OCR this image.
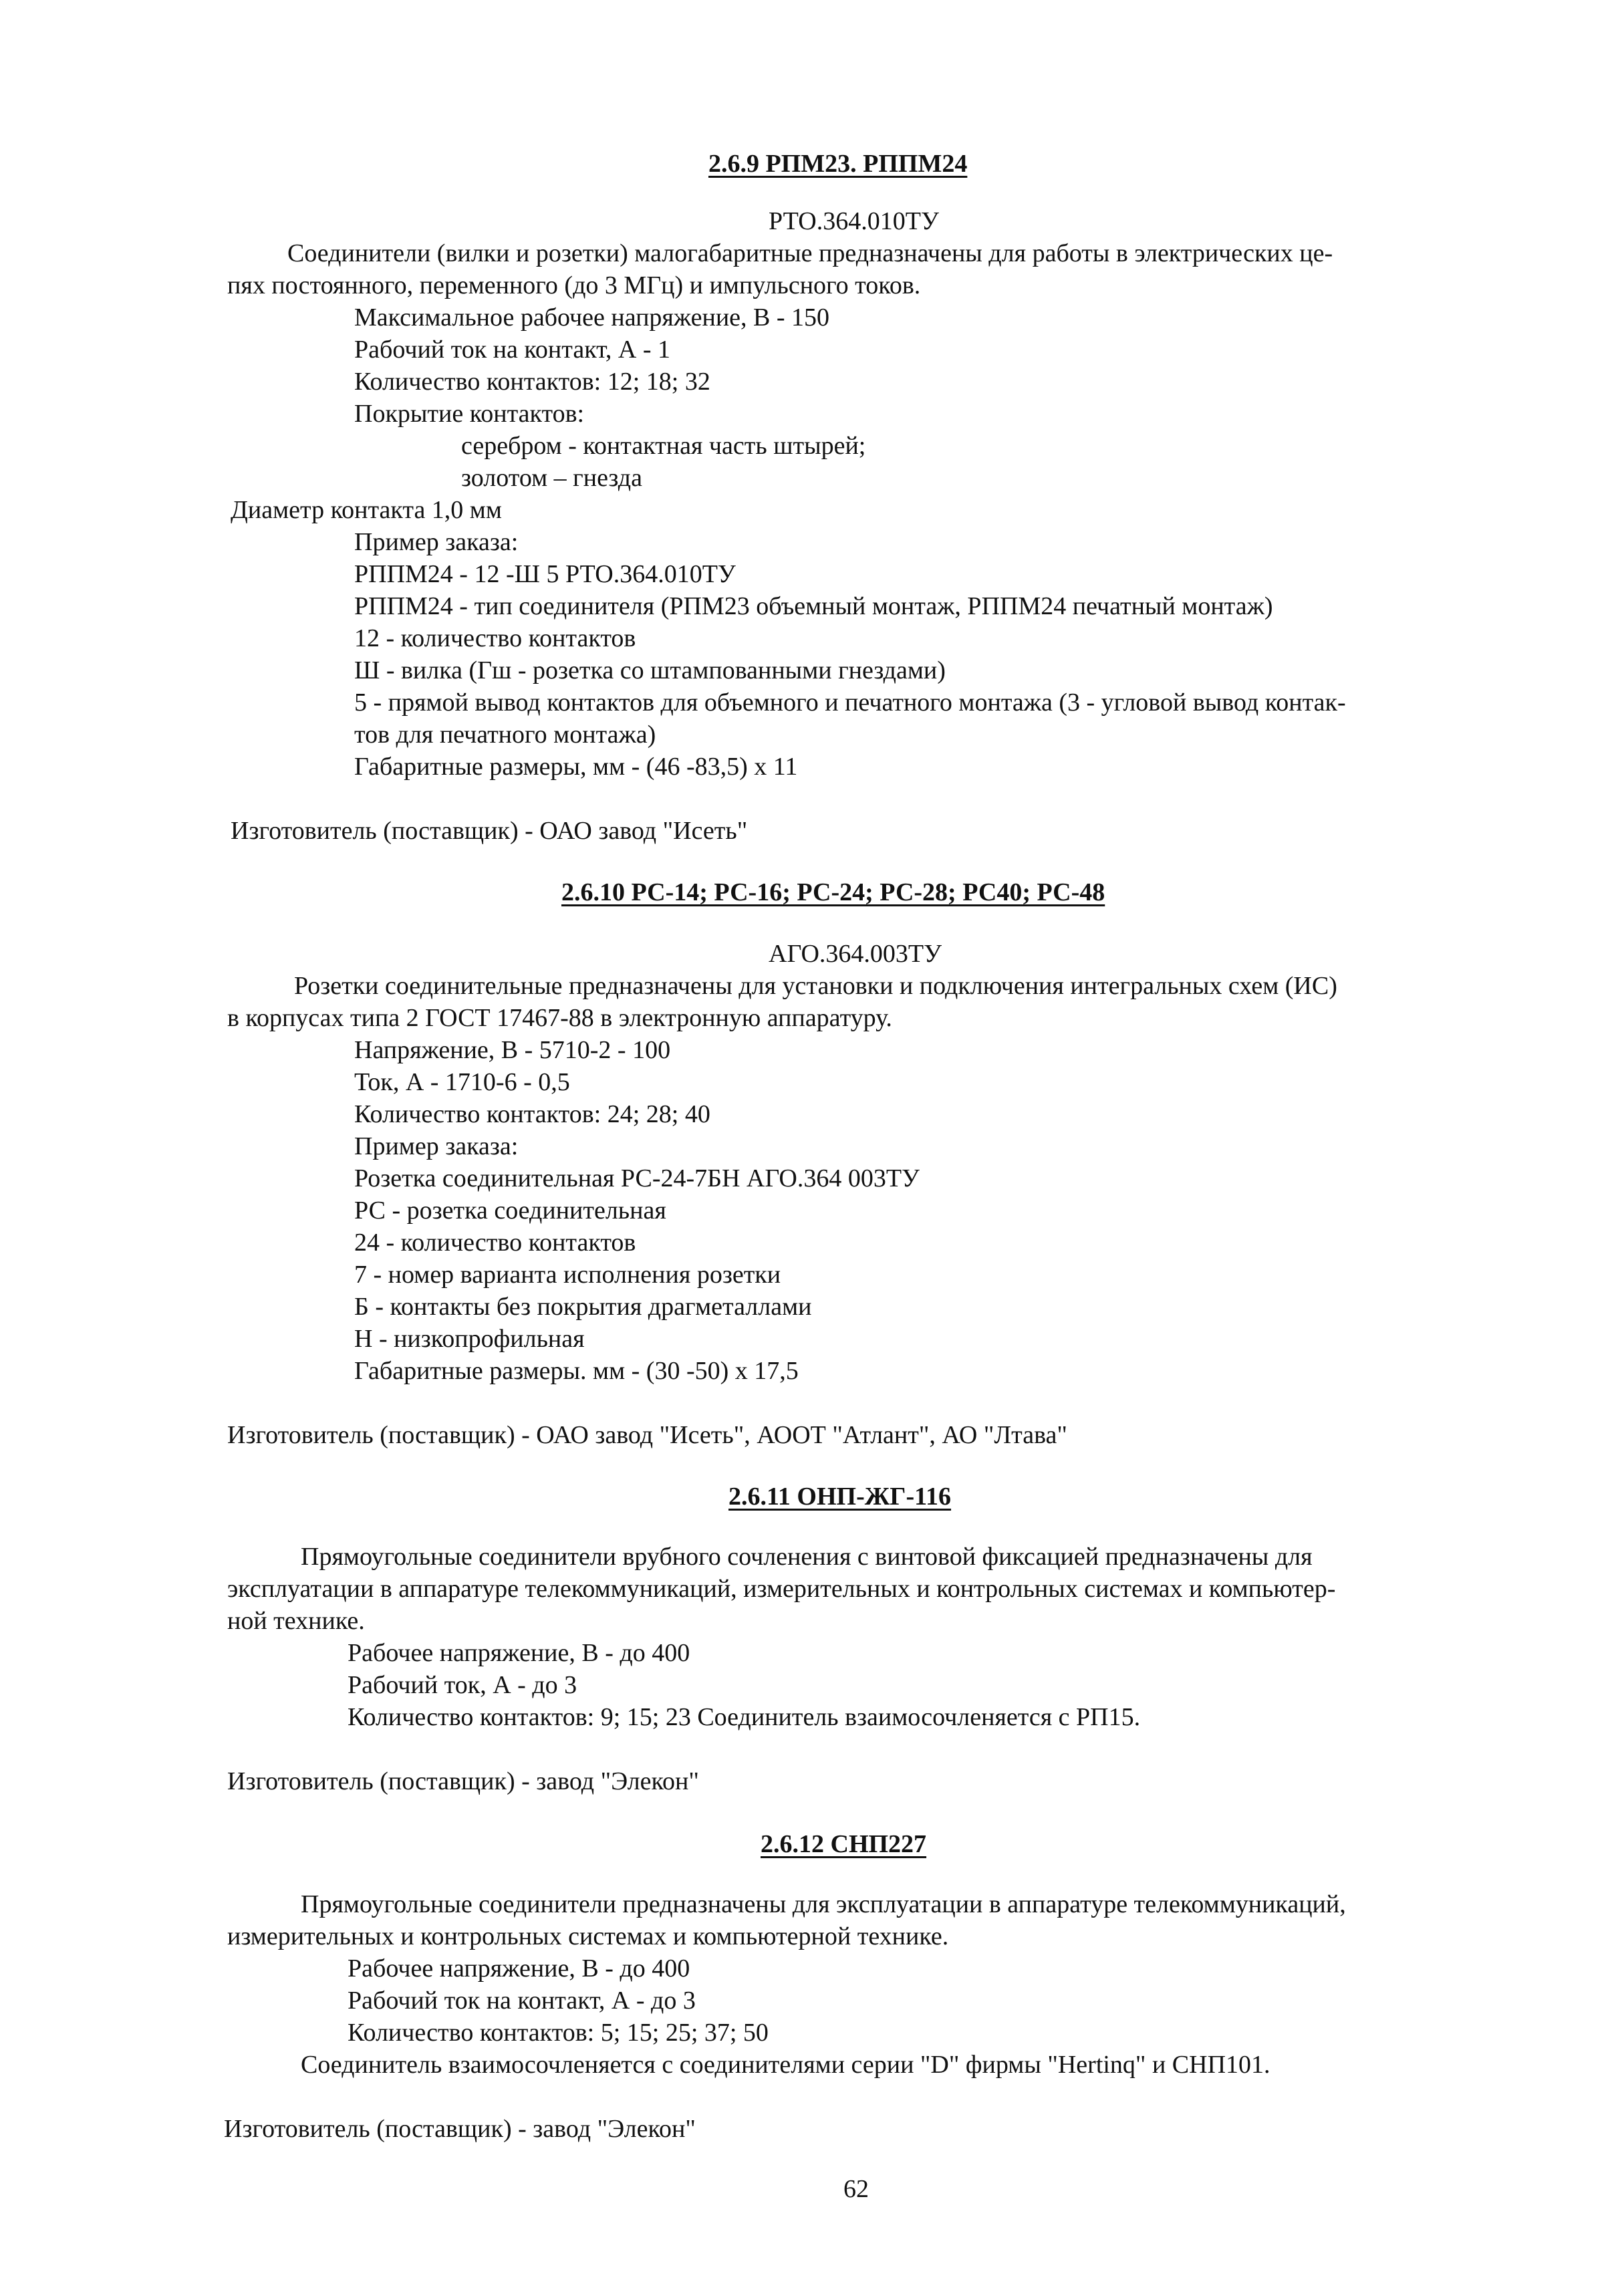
2.6.9 РПМ23. РППМ24
РТО.364.010ТУ
Соединители (вилки и розетки) малогабаритные предназначены для работы в электрических це-
пях постоянного, переменного (до 3 МГц) и импульсного токов.
Максимальное рабочее напряжение, В - 150
Рабочий ток на контакт, А - 1
Количество контактов: 12; 18; 32
Покрытие контактов:
серебром - контактная часть штырей;
золотом – гнезда
Диаметр контакта 1,0 мм
Пример заказа:
РППМ24 - 12 -Ш 5 РТО.364.010ТУ
РППМ24 - тип соединителя (РПМ23 объемный монтаж, РППМ24 печатный монтаж)
12 - количество контактов
Ш - вилка (Гш - розетка со штампованными гнездами)
5 - прямой вывод контактов для объемного и печатного монтажа (3 - угловой вывод контак-
тов для печатного монтажа)
Габаритные размеры, мм - (46 -83,5) х 11
Изготовитель (поставщик) - ОАО завод "Исеть"
2.6.10 РС-14; РС-16; РС-24; РС-28; РС40; РС-48
АГО.364.003ТУ
Розетки соединительные предназначены для установки и подключения интегральных схем (ИС)
в корпусах типа 2 ГОСТ 17467-88 в электронную аппаратуру.
Напряжение, В - 5710-2 - 100
Ток, А - 1710-6 - 0,5
Количество контактов: 24; 28; 40
Пример заказа:
Розетка соединительная РС-24-7БН АГО.364 003ТУ
РС - розетка соединительная
24 - количество контактов
7 - номер варианта исполнения розетки
Б - контакты без покрытия драгметаллами
Н - низкопрофильная
Габаритные размеры. мм - (30 -50) х 17,5
Изготовитель (поставщик) - ОАО завод "Исеть", АООТ "Атлант", АО "Лтава"
2.6.11 ОНП-ЖГ-116
Прямоугольные соединители врубного сочленения с винтовой фиксацией предназначены для
эксплуатации в аппаратуре телекоммуникаций, измерительных и контрольных системах и компьютер-
ной технике.
Рабочее напряжение, В - до 400
Рабочий ток, А - до 3
Количество контактов: 9; 15; 23 Соединитель взаимосочленяется с РП15.
Изготовитель (поставщик) - завод "Элекон"
2.6.12 СНП227
Прямоугольные соединители предназначены для эксплуатации в аппаратуре телекоммуникаций,
измерительных и контрольных системах и компьютерной технике.
Рабочее напряжение, В - до 400
Рабочий ток на контакт, А - до 3
Количество контактов: 5; 15; 25; 37; 50
Соединитель взаимосочленяется с соединителями серии "D" фирмы "Hertinq" и СНП101.
Изготовитель (поставщик) - завод "Элекон"
62
